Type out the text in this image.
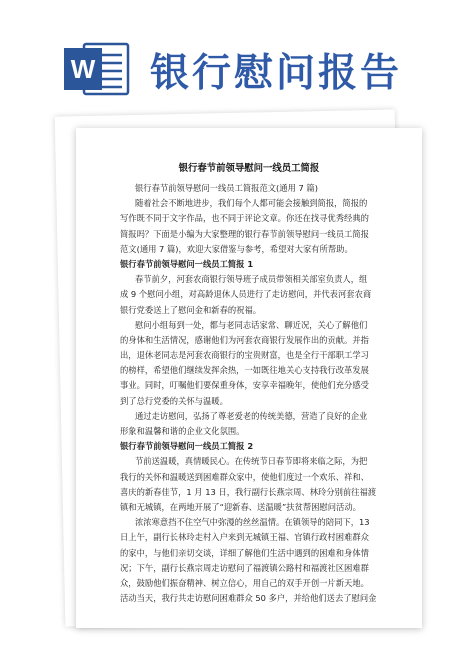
W 银行慰问报告
银行春节前领导慰问一线员工简报
银行春节前领导慰问一线员工简报范文(通用 7 篇)
随着社会不断地进步，我们每个人都可能会接触到简报，简报的
写作既不同于文字作品，也不同于评论文章。你还在找寻优秀经典的
简报吗？下面是小编为大家整理的银行春节前领导慰问一线员工简报
范文(通用 7 篇)，欢迎大家借鉴与参考，希望对大家有所帮助。
银行春节前领导慰问一线员工简报 1
春节前夕，河套农商银行领导班子成员带领相关部室负责人，组
成 9 个慰问小组，对高龄退休人员进行了走访慰问，并代表河套农商
银行党委送上了慰问金和新春的祝福。
慰问小组每到一处，都与老同志话家常、聊近况，关心了解他们
的身体和生活情况，感谢他们为河套农商银行发展作出的贡献。并指
出，退休老同志是河套农商银行的宝贵财富，也是全行干部职工学习
的榜样，希望他们继续发挥余热，一如既往地关心支持我行改革发展
事业。同时，叮嘱他们要保重身体，安享幸福晚年，使他们充分感受
到了总行党委的关怀与温暖。
通过走访慰问，弘扬了尊老爱老的传统美德，营造了良好的企业
形象和温馨和谐的企业文化氛围。
银行春节前领导慰问一线员工简报 2
节前送温暖，真情暖民心。在传统节日春节即将来临之际，为把
我行的关怀和温暖送到困难群众家中，使他们度过一个欢乐、祥和、
喜庆的新春佳节，1 月 13 日，我行副行长燕宗周、林玲分别前往福渡
镇和无城镇，在两地开展了“迎新春、送温暖”扶贫帮困慰问活动。
浓浓寒意挡不住空气中弥漫的丝丝温情。在镇领导的陪同下，13
日上午，副行长林玲走村入户来到无城镇王福、官镇行政村困难群众
的家中，与他们亲切交谈，详细了解他们生活中遇到的困难和身体情
况；下午，副行长燕宗周走访慰问了福渡镇公路村和福渡社区困难群
众，鼓励他们振奋精神、树立信心，用自己的双手开创一片新天地。
活动当天，我行共走访慰问困难群众 50 多户，并给他们送去了慰问金
